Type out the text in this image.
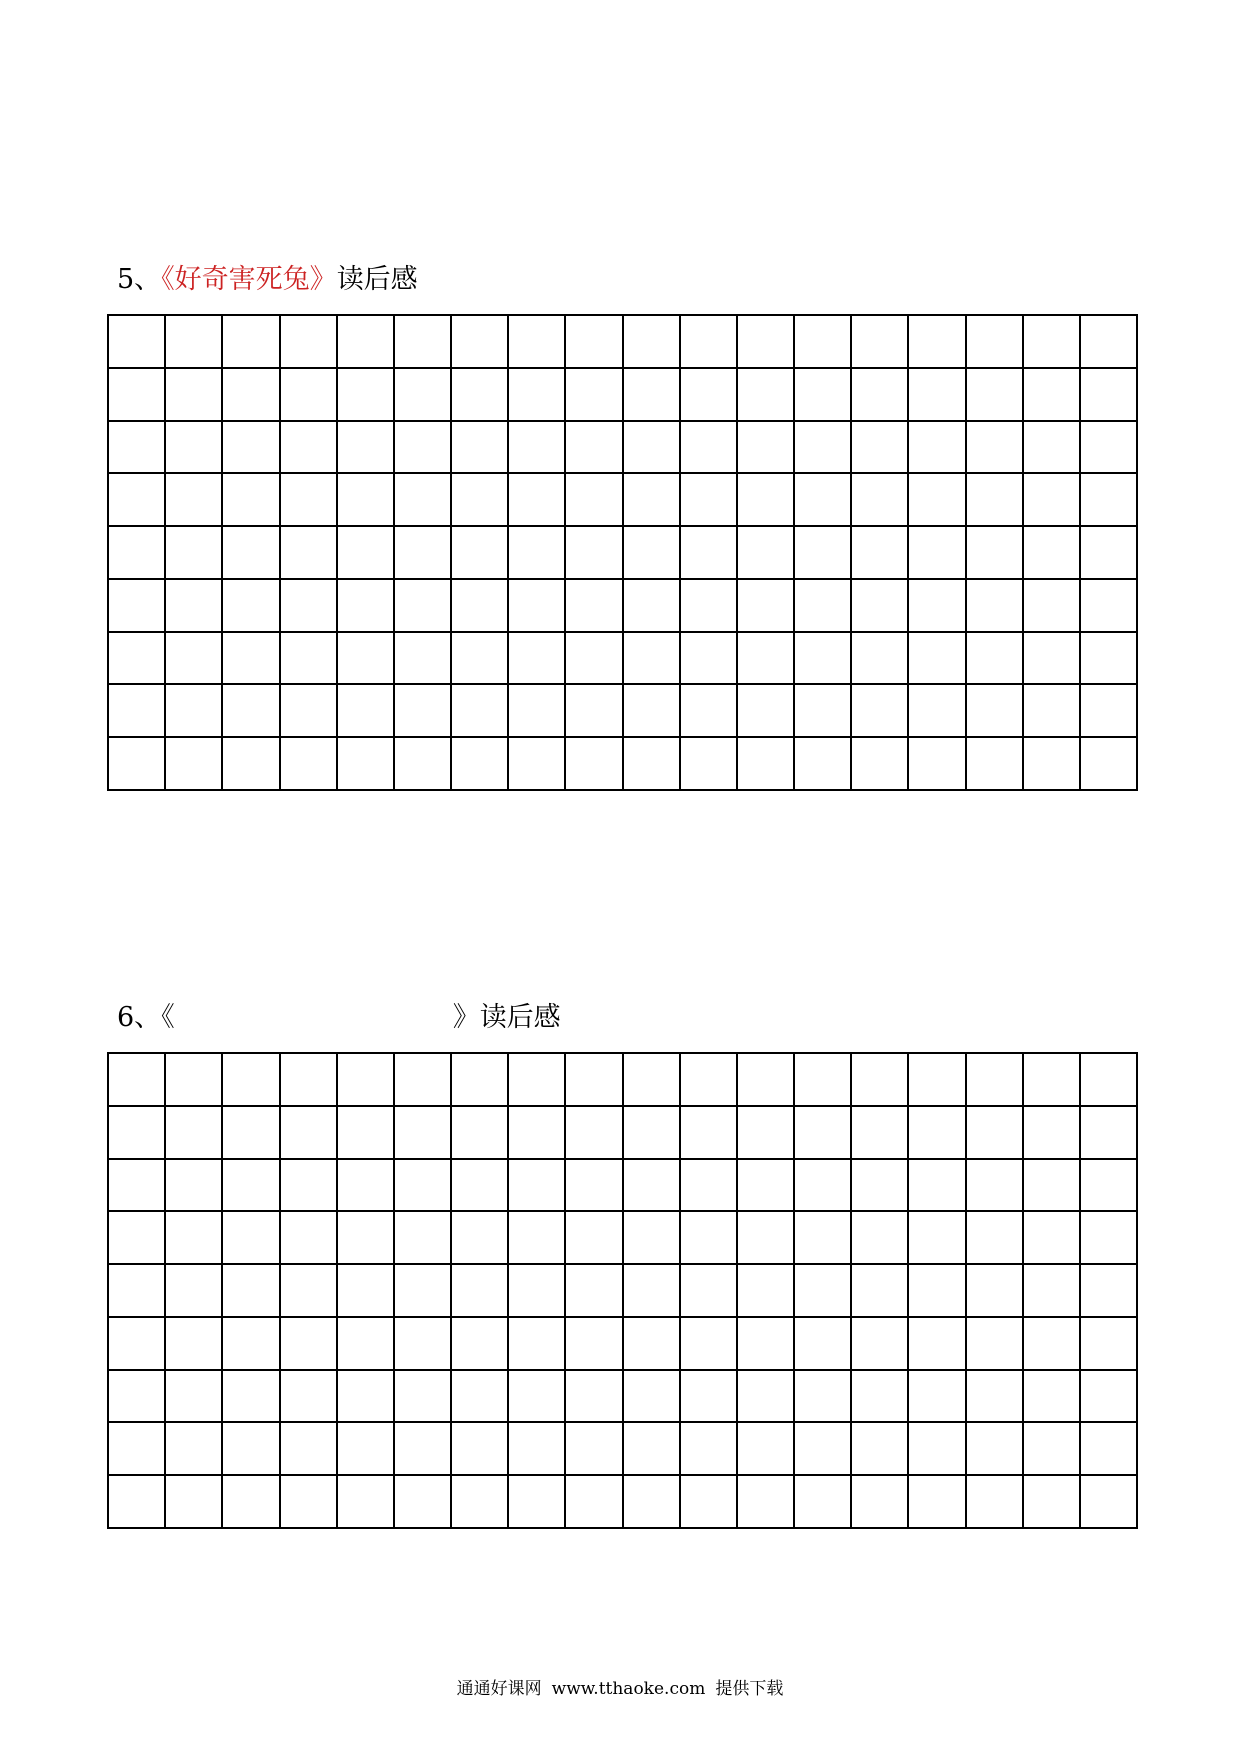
5、《好奇害死兔》读后感
6、《	》读后感
通通好课网 www.tthaoke.com 提供下载
